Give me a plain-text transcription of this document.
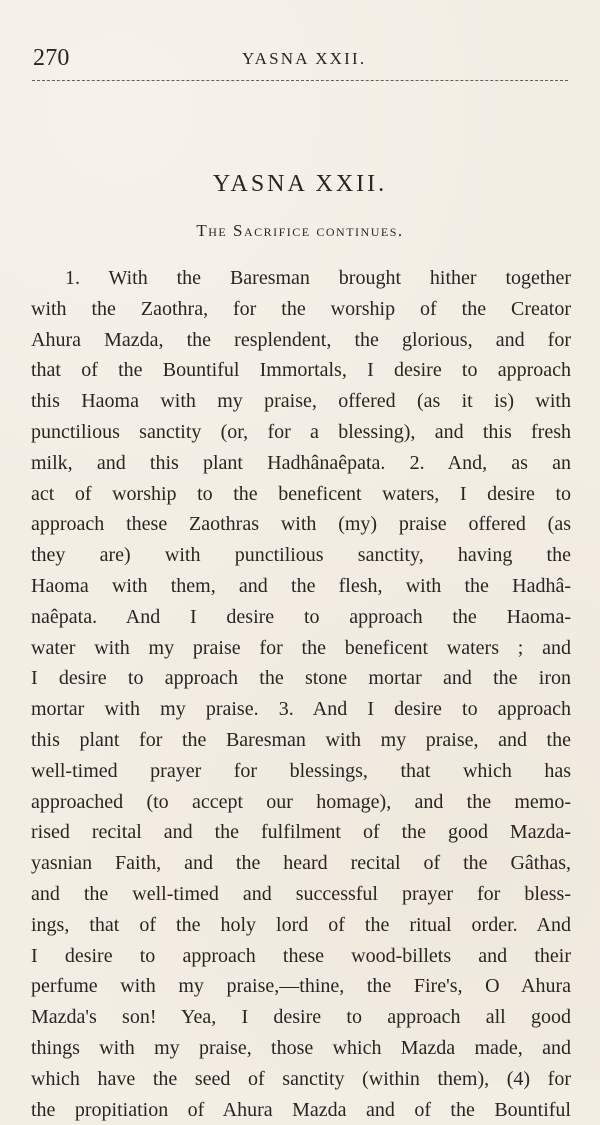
270	YASNA XXII.
YASNA XXII.
The Sacrifice continues.
1. With the Baresman brought hither together
with the Zaothra, for the worship of the Creator
Ahura Mazda, the resplendent, the glorious, and for
that of the Bountiful Immortals, I desire to approach
this Haoma with my praise, offered (as it is) with
punctilious sanctity (or, for a blessing), and this fresh
milk, and this plant Hadhânaêpata. 2. And, as an
act of worship to the beneficent waters, I desire to
approach these Zaothras with (my) praise offered (as
they are) with punctilious sanctity, having the
Haoma with them, and the flesh, with the Hadhâ-
naêpata. And I desire to approach the Haoma-
water with my praise for the beneficent waters ; and
I desire to approach the stone mortar and the iron
mortar with my praise. 3. And I desire to approach
this plant for the Baresman with my praise, and the
well-timed prayer for blessings, that which has
approached (to accept our homage), and the memo-
rised recital and the fulfilment of the good Mazda-
yasnian Faith, and the heard recital of the Gâthas,
and the well-timed and successful prayer for bless-
ings, that of the holy lord of the ritual order. And
I desire to approach these wood-billets and their
perfume with my praise,—thine, the Fire's, O Ahura
Mazda's son! Yea, I desire to approach all good
things with my praise, those which Mazda made, and
which have the seed of sanctity (within them), (4) for
the propitiation of Ahura Mazda and of the Bountiful
